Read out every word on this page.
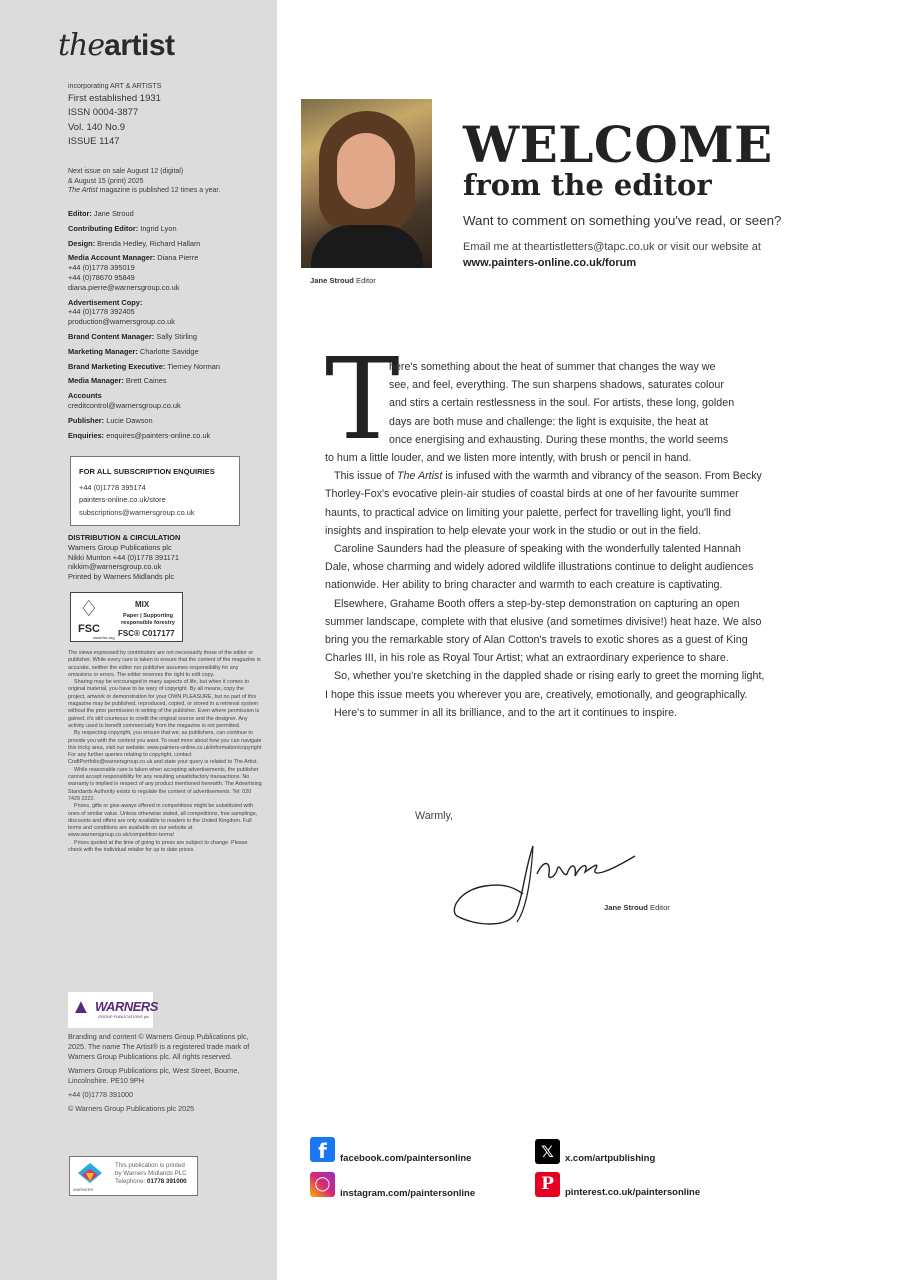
theartist
incorporating ART & ARTISTS
First established 1931
ISSN 0004-3877
Vol. 140 No.9
ISSUE 1147
Next issue on sale August 12 (digital)
& August 15 (print) 2025
The Artist magazine is published 12 times a year.
Editor: Jane Stroud
Contributing Editor: Ingrid Lyon
Design: Brenda Hedley, Richard Hallam
Media Account Manager: Diana Pierre
+44 (0)1778 395019
+44 (0)78670 95849
diana.pierre@warnersgroup.co.uk
Advertisement Copy:
+44 (0)1778 392405
production@warnersgroup.co.uk
Brand Content Manager: Sally Stirling
Marketing Manager: Charlotte Savidge
Brand Marketing Executive: Tierney Norman
Media Manager: Brett Caines
Accounts
creditcontrol@warnersgroup.co.uk
Publisher: Lucie Dawson
Enquiries: enquires@painters-online.co.uk
FOR ALL SUBSCRIPTION ENQUIRIES
+44 (0)1778 395174
painters-online.co.uk/store
subscriptions@warnersgroup.co.uk
DISTRIBUTION & CIRCULATION
Warners Group Publications plc
Nikki Munton +44 (0)1778 391171
nikkim@warnersgroup.co.uk
Printed by Warners Midlands plc
♢
FSC
www.fsc.org
MIX
Paper | Supporting responsible forestry
FSC® C017177
The views expressed by contributors are not necessarily those of the editor or publisher. While every care is taken to ensure that the content of the magazine is accurate, neither the editor nor publisher assumes responsibility for any omissions or errors. The editor reserves the right to edit copy.
Sharing may be encouraged in many aspects of life, but when it comes to original material, you have to be wary of copyright. By all means, copy the project, artwork or demonstration for your OWN PLEASURE, but no part of this magazine may be published, reproduced, copied, or stored in a retrieval system without the prior permission in writing of the publisher. Even where permission is gained, it's still courteous to credit the original source and the designer. Any activity used to benefit commercially from the magazine is not permitted.
By respecting copyright, you ensure that we, as publishers, can continue to provide you with the content you want. To read more about how you can navigate this tricky area, visit our website: www.painters-online.co.uk/information/copyright For any further queries relating to copyright, contact CraftPortfolio@warnersgroup.co.uk and state your query is related to The Artist.
While reasonable care is taken when accepting advertisements, the publisher cannot accept responsibility for any resulting unsatisfactory transactions. No warranty is implied in respect of any product mentioned herewith. The Advertising Standards Authority exists to regulate the content of advertisements. Tel: 020 7429 2222.
Prizes, gifts or give-aways offered in competitions might be substituted with ones of similar value. Unless otherwise stated, all competitions, free samplings, discounts and offers are only available to readers in the United Kingdom. Full terms and conditions are available on our website at www.warnersgroup.co.uk/competition-terms/
Prices quoted at the time of going to press are subject to change. Please check with the individual retailer for up to date prices.
▲ WARNERS
GROUP PUBLICATIONS plc
Branding and content © Warners Group Publications plc, 2025. The name The Artist® is a registered trade mark of Warners Group Publications plc. All rights reserved.
Warners Group Publications plc, West Street, Bourne, Lincolnshire. PE10 9PH
+44 (0)1778 391000
© Warners Group Publications plc 2025
WARNERS
This publication is printed
by Warners Midlands PLC
Telephone: 01778 391000
Jane Stroud Editor
WELCOME
from the editor
Want to comment on something you've read, or seen?
Email me at theartistletters@tapc.co.uk or visit our website at
www.painters-online.co.uk/forum
T
here's something about the heat of summer that changes the way we
see, and feel, everything. The sun sharpens shadows, saturates colour
and stirs a certain restlessness in the soul. For artists, these long, golden
days are both muse and challenge: the light is exquisite, the heat at
once energising and exhausting. During these months, the world seems
to hum a little louder, and we listen more intently, with brush or pencil in hand.

This issue of The Artist is infused with the warmth and vibrancy of the season. From Becky Thorley-Fox's evocative plein-air studies of coastal birds at one of her favourite summer haunts, to practical advice on limiting your palette, perfect for travelling light, you'll find insights and inspiration to help elevate your work in the studio or out in the field.

Caroline Saunders had the pleasure of speaking with the wonderfully talented Hannah Dale, whose charming and widely adored wildlife illustrations continue to delight audiences nationwide. Her ability to bring character and warmth to each creature is captivating.

Elsewhere, Grahame Booth offers a step-by-step demonstration on capturing an open summer landscape, complete with that elusive (and sometimes divisive!) heat haze. We also bring you the remarkable story of Alan Cotton's travels to exotic shores as a guest of King Charles III, in his role as Royal Tour Artist; what an extraordinary experience to share.

So, whether you're sketching in the dappled shade or rising early to greet the morning light, I hope this issue meets you wherever you are, creatively, emotionally, and geographically.

Here's to summer in all its brilliance, and to the art it continues to inspire.

Warmly,
Jane Stroud Editor
f	facebook.com/paintersonline	𝕏	x.com/artpublishing
◯
instagram.com/paintersonline	P	pinterest.co.uk/paintersonline
